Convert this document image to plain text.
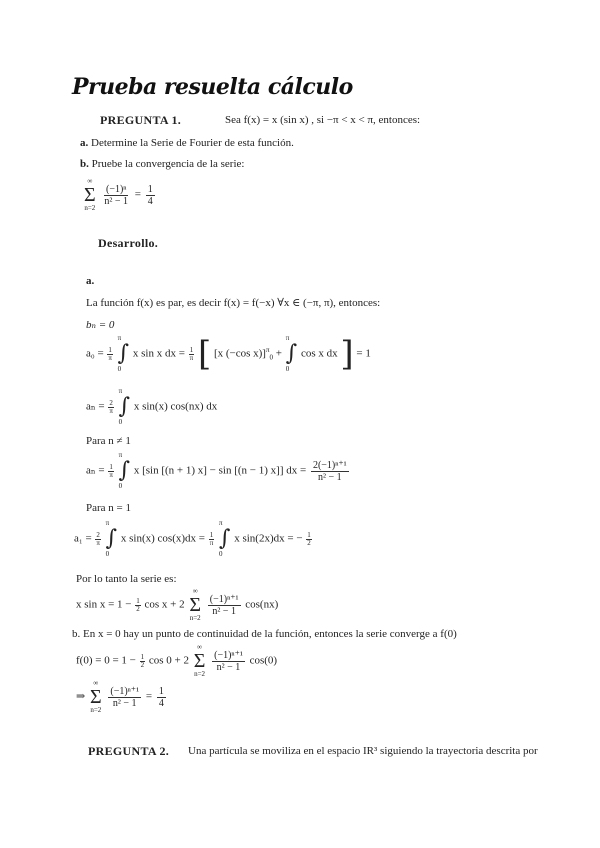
Prueba resuelta cálculo
PREGUNTA 1.	Sea f(x) = x (sin x) , si −π < x < π, entonces:
a. Determine la Serie de Fourier de esta función.
b. Pruebe la convergencia de la serie:
∞
Σ
n=2

$\frac{\text{(−1)ⁿ}}{\text{n² − 1}} = \frac{1}{4}$
Desarrollo.
a.
La función f(x) es par, es decir f(x) = f(−x) ∀x ∈ (−π, π), entonces:
bₙ = 0
$a_0 = \frac{1}{\pi}$

π
∫
0
x sin x dx = $\frac{1}{\pi}$ [ [x (−cos x)]$^\pi_0$ +
π
∫
0
cos x dx ] = 1
$a_n = \frac{2}{\pi}$

π
∫
0
x sin(x) cos(nx) dx
Para n ≠ 1
$a_n = \frac{1}{\pi}$

π
∫
0
x [sin [(n + 1) x] − sin [(n − 1) x]] dx = $\frac{\text{2(−1)ⁿ⁺¹}}{\text{n² − 1}}$
Para n = 1
$a_1 = \frac{2}{\pi}$

π
∫
0
x sin(x) $\cos(x)dx = \frac{1}{\pi}$

π
∫
0
x sin(2x)dx = − $\frac{1}{2}$
Por lo tanto la serie es:
x $\sin x = 1 - \frac{1}{2}$ cos x + 2
∞
Σ
n=2

$\frac{\text{(−1)ⁿ⁺¹}}{\text{n² − 1}} \cos(nx)$
b. En x = 0 hay un punto de continuidad de la función, entonces la serie converge a f(0)
$f(0) = 0 = 1 - \frac{1}{2}$ cos 0 + 2
∞
Σ
n=2

$\frac{\text{(−1)ⁿ⁺¹}}{\text{n² − 1}} \cos(0)$
⇒
∞
Σ
n=2

$\frac{\text{(−1)ⁿ⁺¹}}{\text{n² − 1}} = \frac{1}{4}$
PREGUNTA 2. Una partícula se moviliza en el espacio IR³ siguiendo la trayectoria descrita por
